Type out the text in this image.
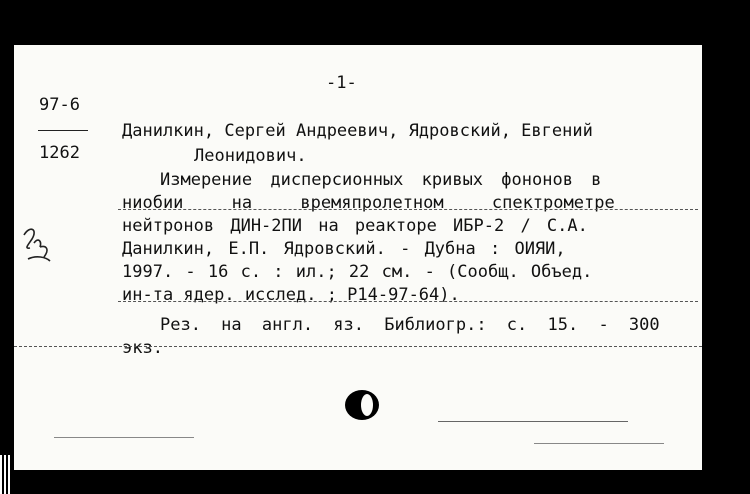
-1-
97-6
1262
Данилкин, Сергей Андреевич, Ядровский, Евгений
Леонидович.
Измерение дисперсионных кривых фононов в
ниобии на времяпролетном спектрометре
нейтронов ДИН-2ПИ на реакторе ИБР-2 / С.А.
Данилкин, Е.П. Ядровский. - Дубна : ОИЯИ,
1997. - 16 с. : ил.; 22 см. - (Сообщ. Объед.
ин-та ядер. исслед. ; Р14-97-64).
Рез. на англ. яз. Библиогр.: с. 15. - 300
экз.
